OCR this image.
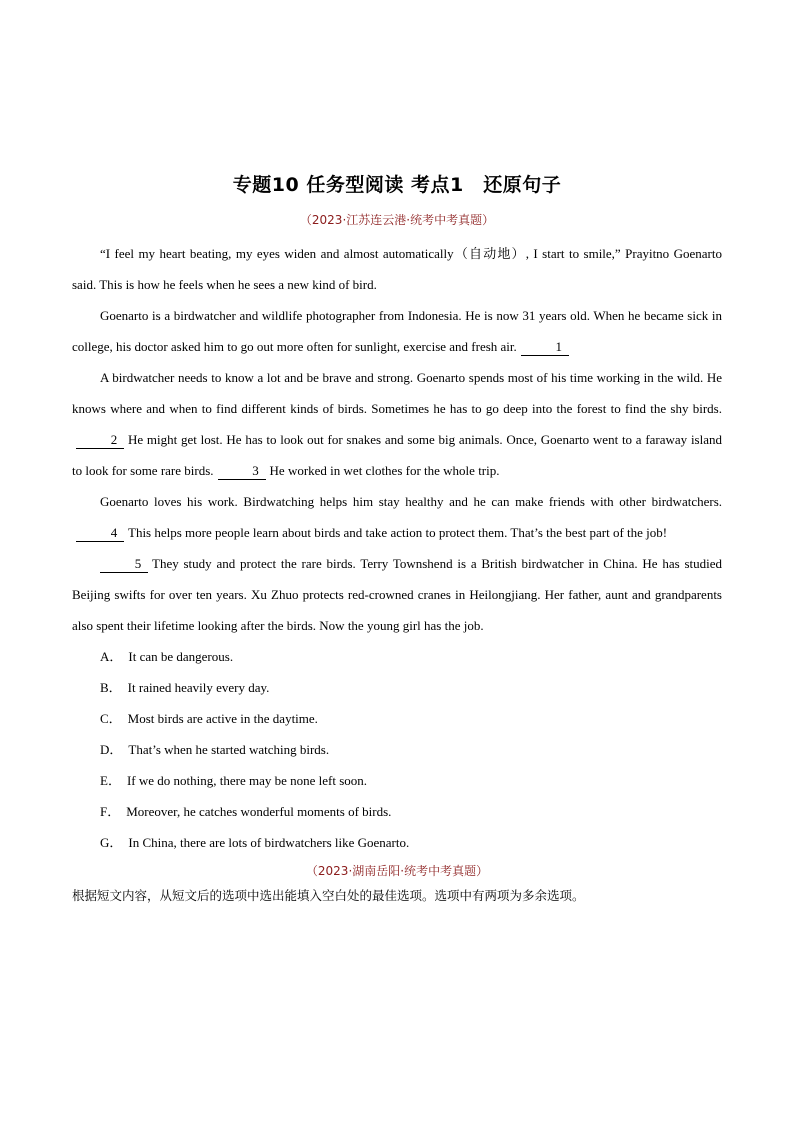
专题10 任务型阅读 考点1　还原句子
（2023·江苏连云港·统考中考真题）

“I feel my heart beating, my eyes widen and almost automatically（自动地）, I start to smile,” Prayitno Goenarto said. This is how he feels when he sees a new kind of bird.

Goenarto is a birdwatcher and wildlife photographer from Indonesia. He is now 31 years old. When he became sick in college, his doctor asked him to go out more often for sunlight, exercise and fresh air.	1

A birdwatcher needs to know a lot and be brave and strong. Goenarto spends most of his time working in the wild. He knows where and when to find different kinds of birds. Sometimes he has to go deep into the forest to find the shy birds.2 He might get lost. He has to look out for snakes and some big animals. Once, Goenarto went to a faraway island to look for some rare birds.	3 He worked in wet clothes for the whole trip.

Goenarto loves his work. Birdwatching helps him stay healthy and he can make friends with other birdwatchers.4 This helps more people learn about birds and take action to protect them. That’s the best part of the job!

5 They study and protect the rare birds. Terry Townshend is a British birdwatcher in China. He has studied Beijing swifts for over ten years. Xu Zhuo protects red-crowned cranes in Heilongjiang. Her father, aunt and grandparents also spent their lifetime looking after the birds. Now the young girl has the job.

A． It can be dangerous.

B． It rained heavily every day.

C． Most birds are active in the daytime.

D． That’s when he started watching birds.

E． If we do nothing, there may be none left soon.

F． Moreover, he catches wonderful moments of birds.

G． In China, there are lots of birdwatchers like Goenarto.

（2023·湖南岳阳·统考中考真题）

根据短文内容，从短文后的选项中选出能填入空白处的最佳选项。选项中有两项为多余选项。
